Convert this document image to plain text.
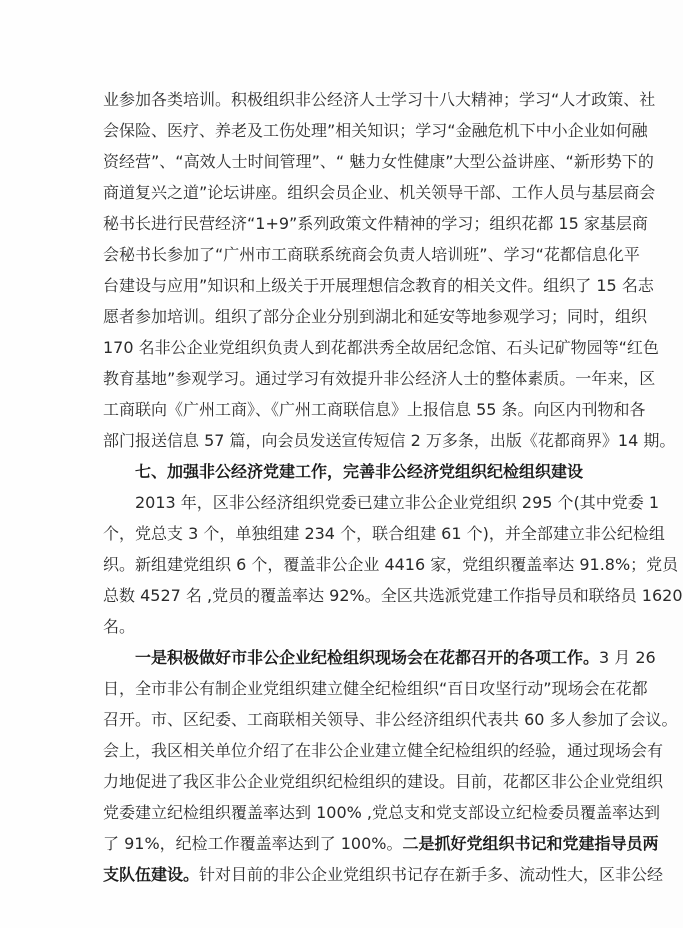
业参加各类培训。积极组织非公经济人士学习十八大精神；学习“人才政策、社
会保险、医疗、养老及工伤处理”相关知识；学习“金融危机下中小企业如何融
资经营”、“高效人士时间管理”、“ 魅力女性健康”大型公益讲座、“新形势下的
商道复兴之道”论坛讲座。组织会员企业、机关领导干部、工作人员与基层商会
秘书长进行民营经济“1+9”系列政策文件精神的学习；组织花都 15 家基层商
会秘书长参加了“广州市工商联系统商会负责人培训班”、学习“花都信息化平
台建设与应用”知识和上级关于开展理想信念教育的相关文件。组织了 15 名志
愿者参加培训。组织了部分企业分别到湖北和延安等地参观学习；同时，组织
170 名非公企业党组织负责人到花都洪秀全故居纪念馆、石头记矿物园等“红色
教育基地”参观学习。通过学习有效提升非公经济人士的整体素质。一年来，区
工商联向《广州工商》、《广州工商联信息》上报信息 55 条。向区内刊物和各
部门报送信息 57 篇，向会员发送宣传短信 2 万多条，出版《花都商界》14 期。
七、加强非公经济党建工作，完善非公经济党组织纪检组织建设
2013 年，区非公经济组织党委已建立非公企业党组织 295 个(其中党委 1
个，党总支 3 个，单独组建 234 个，联合组建 61 个)，并全部建立非公纪检组
织。新组建党组织 6 个，覆盖非公企业 4416 家，党组织覆盖率达 91.8%；党员
总数 4527 名 ,党员的覆盖率达 92%。全区共选派党建工作指导员和联络员 1620
名。
一是积极做好市非公企业纪检组织现场会在花都召开的各项工作。3 月 26
日，全市非公有制企业党组织建立健全纪检组织“百日攻坚行动”现场会在花都
召开。市、区纪委、工商联相关领导、非公经济组织代表共 60 多人参加了会议。
会上，我区相关单位介绍了在非公企业建立健全纪检组织的经验，通过现场会有
力地促进了我区非公企业党组织纪检组织的建设。目前，花都区非公企业党组织
党委建立纪检组织覆盖率达到 100% ,党总支和党支部设立纪检委员覆盖率达到
了 91%，纪检工作覆盖率达到了 100%。二是抓好党组织书记和党建指导员两
支队伍建设。针对目前的非公企业党组织书记存在新手多、流动性大，区非公经
